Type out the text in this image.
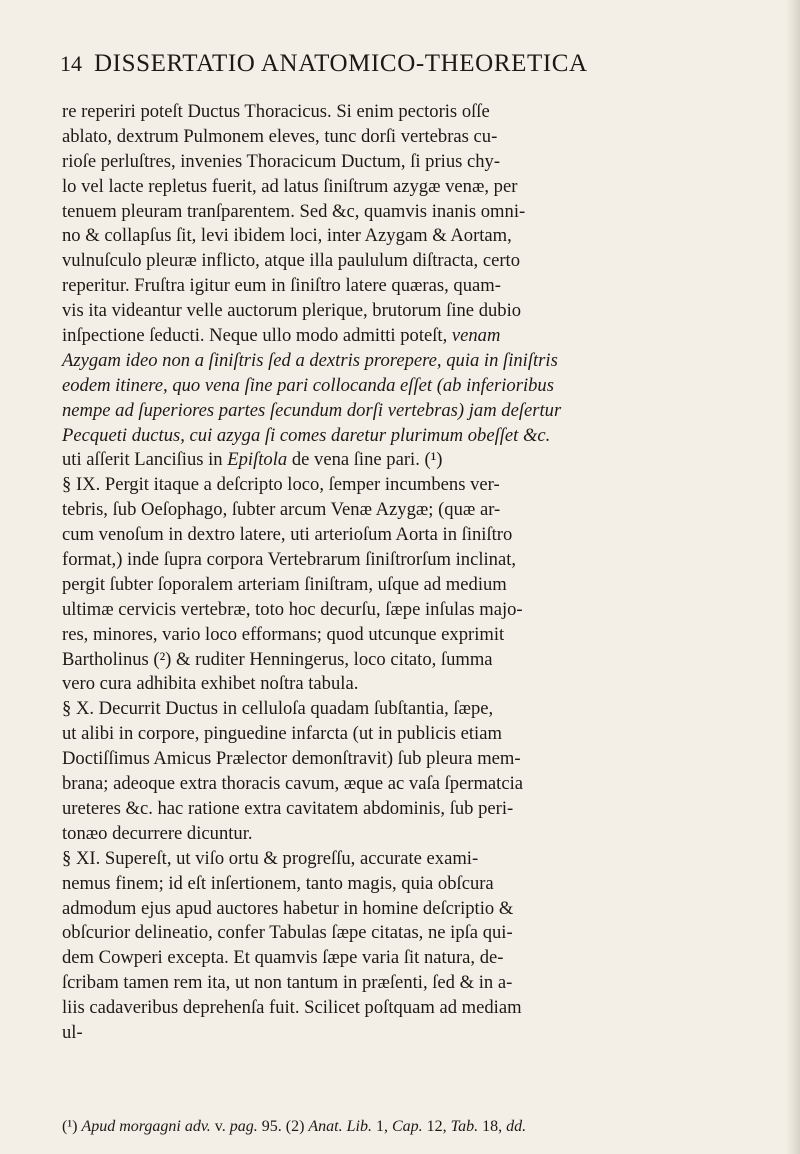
14 DISSERTATIO ANATOMICO-THEORETICA
re reperiri poteſt Ductus Thoracicus. Si enim pectoris oſſe
ablato, dextrum Pulmonem eleves, tunc dorſi vertebras cu-
rioſe perluſtres, invenies Thoracicum Ductum, ſi prius chy-
lo vel lacte repletus fuerit, ad latus ſiniſtrum azygæ venæ, per
tenuem pleuram tranſparentem. Sed &c, quamvis inanis omni-
no & collapſus ſit, levi ibidem loci, inter Azygam & Aortam,
vulnuſculo pleuræ inflicto, atque illa paululum diſtracta, certo
reperitur. Fruſtra igitur eum in ſiniſtro latere quæras, quam-
vis ita videantur velle auctorum plerique, brutorum ſine dubio
inſpectione ſeducti. Neque ullo modo admitti poteſt, venam
Azygam ideo non a ſiniſtris ſed a dextris prorepere, quia in ſiniſtris
eodem itinere, quo vena ſine pari collocanda eſſet (ab inferioribus
nempe ad ſuperiores partes ſecundum dorſi vertebras) jam deſertur
Pecqueti ductus, cui azyga ſi comes daretur plurimum obeſſet &c.
uti aſſerit Lanciſius in Epiſtola de vena ſine pari. (¹)
§ IX. Pergit itaque a deſcripto loco, ſemper incumbens ver-
tebris, ſub Oeſophago, ſubter arcum Venæ Azygæ; (quæ ar-
cum venoſum in dextro latere, uti arterioſum Aorta in ſiniſtro
format,) inde ſupra corpora Vertebrarum ſiniſtrorſum inclinat,
pergit ſubter ſoporalem arteriam ſiniſtram, uſque ad medium
ultimæ cervicis vertebræ, toto hoc decurſu, ſæpe inſulas majo-
res, minores, vario loco efformans; quod utcunque exprimit
Bartholinus (²) & ruditer Henningerus, loco citato, ſumma
vero cura adhibita exhibet noſtra tabula.
§ X. Decurrit Ductus in celluloſa quadam ſubſtantia, ſæpe,
ut alibi in corpore, pinguedine infarcta (ut in publicis etiam
Doctiſſimus Amicus Prælector demonſtravit) ſub pleura mem-
brana; adeoque extra thoracis cavum, æque ac vaſa ſpermatcia
ureteres &c. hac ratione extra cavitatem abdominis, ſub peri-
tonæo decurrere dicuntur.
§ XI. Supereſt, ut viſo ortu & progreſſu, accurate exami-
nemus finem; id eſt inſertionem, tanto magis, quia obſcura
admodum ejus apud auctores habetur in homine deſcriptio &
obſcurior delineatio, confer Tabulas ſæpe citatas, ne ipſa qui-
dem Cowperi excepta. Et quamvis ſæpe varia ſit natura, de-
ſcribam tamen rem ita, ut non tantum in præſenti, ſed & in a-
liis cadaveribus deprehenſa fuit. Scilicet poſtquam ad mediam
ul-
(¹) Apud morgagni adv. v. pag. 95. (2) Anat. Lib. 1, Cap. 12, Tab. 18, dd.
